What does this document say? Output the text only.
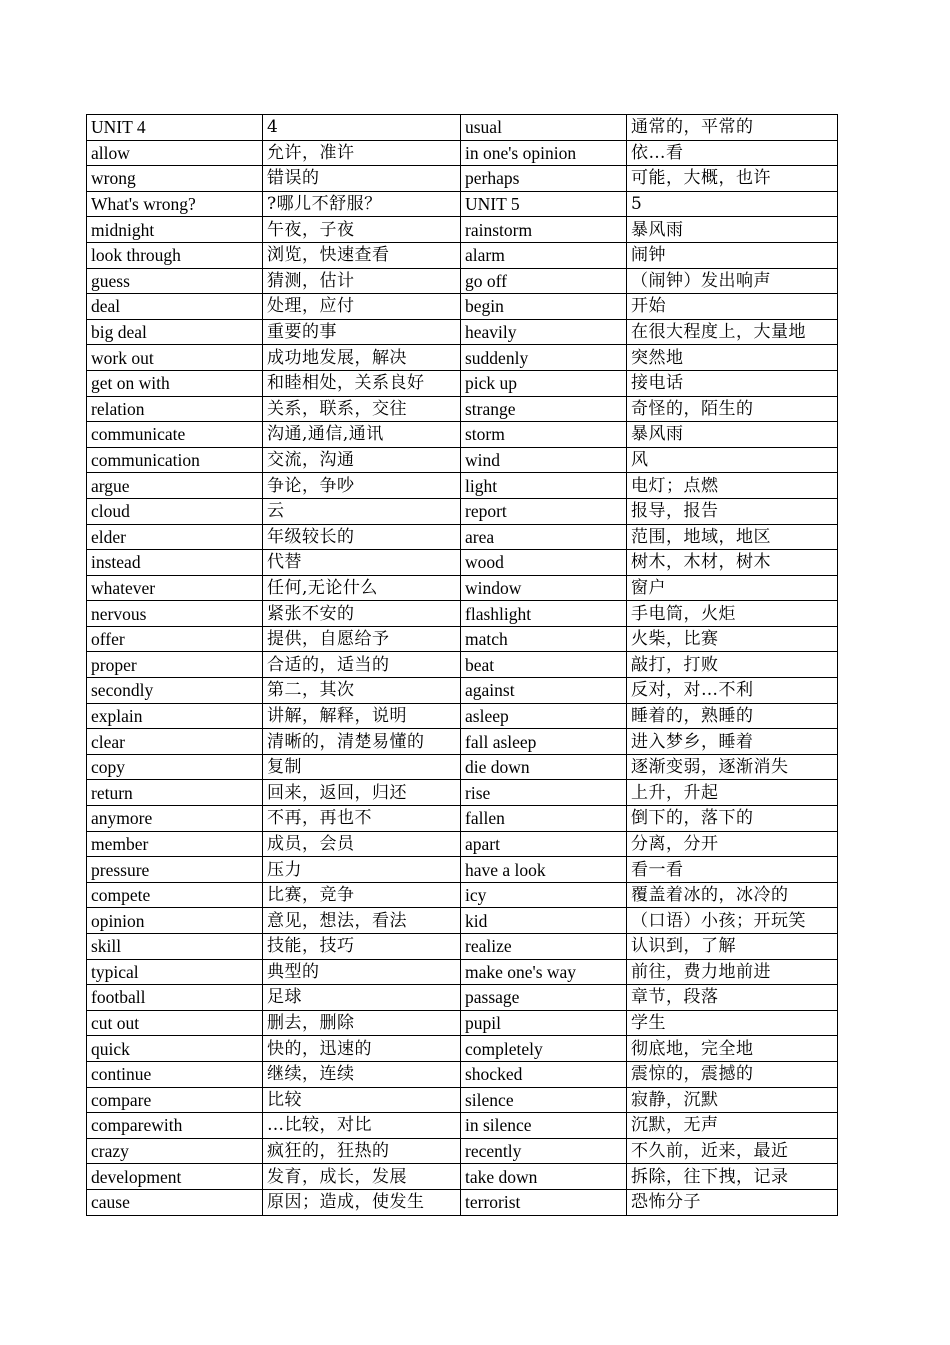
UNIT 4	4	usual	通常的，平常的
allow	允许，准许	in one's opinion	依…看
wrong	错误的	perhaps	可能，大概，也许
What's wrong?	?哪儿不舒服？	UNIT 5	5
midnight	午夜，子夜	rainstorm	暴风雨
look through	浏览，快速查看	alarm	闹钟
guess	猜测，估计	go off	（闹钟）发出响声
deal	处理，应付	begin	开始
big deal	重要的事	heavily	在很大程度上，大量地
work out	成功地发展，解决	suddenly	突然地
get on with	和睦相处，关系良好	pick up	接电话
relation	关系，联系，交往	strange	奇怪的，陌生的
communicate	沟通,通信,通讯	storm	暴风雨
communication	交流，沟通	wind	风
argue	争论，争吵	light	电灯；点燃
cloud	云	report	报导，报告
elder	年级较长的	area	范围，地域，地区
instead	代替	wood	树木，木材，树木
whatever	任何,无论什么	window	窗户
nervous	紧张不安的	flashlight	手电筒，火炬
offer	提供，自愿给予	match	火柴，比赛
proper	合适的，适当的	beat	敲打，打败
secondly	第二，其次	against	反对，对…不利
explain	讲解，解释，说明	asleep	睡着的，熟睡的
clear	清晰的，清楚易懂的	fall asleep	进入梦乡，睡着
copy	复制	die down	逐渐变弱，逐渐消失
return	回来，返回，归还	rise	上升，升起
anymore	不再，再也不	fallen	倒下的，落下的
member	成员，会员	apart	分离，分开
pressure	压力	have a look	看一看
compete	比赛，竞争	icy	覆盖着冰的，冰冷的
opinion	意见，想法，看法	kid	（口语）小孩；开玩笑
skill	技能，技巧	realize	认识到，了解
typical	典型的	make one's way	前往，费力地前进
football	足球	passage	章节，段落
cut out	删去，删除	pupil	学生
quick	快的，迅速的	completely	彻底地，完全地
continue	继续，连续	shocked	震惊的，震撼的
compare	比较	silence	寂静，沉默
comparewith	…比较，对比	in silence	沉默，无声
crazy	疯狂的，狂热的	recently	不久前，近来，最近
development	发育，成长，发展	take down	拆除，往下拽，记录
cause	原因；造成，使发生	terrorist	恐怖分子
